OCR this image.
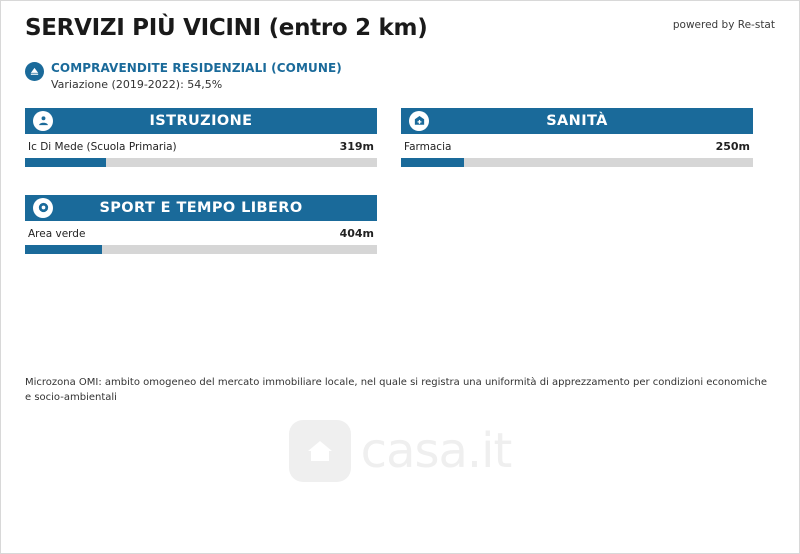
SERVIZI PIÙ VICINI (entro 2 km)	powered by Re-stat
COMPRAVENDITE RESIDENZIALI (COMUNE)
Variazione (2019-2022): 54,5%
ISTRUZIONE
Ic Di Mede (Scuola Primaria)	319m
SANITÀ
Farmacia	250m
SPORT E TEMPO LIBERO
Area verde	404m
Microzona OMI: ambito omogeneo del mercato immobiliare locale, nel quale si registra una uniformità di apprezzamento per condizioni economiche e socio-ambientali
casa.it
